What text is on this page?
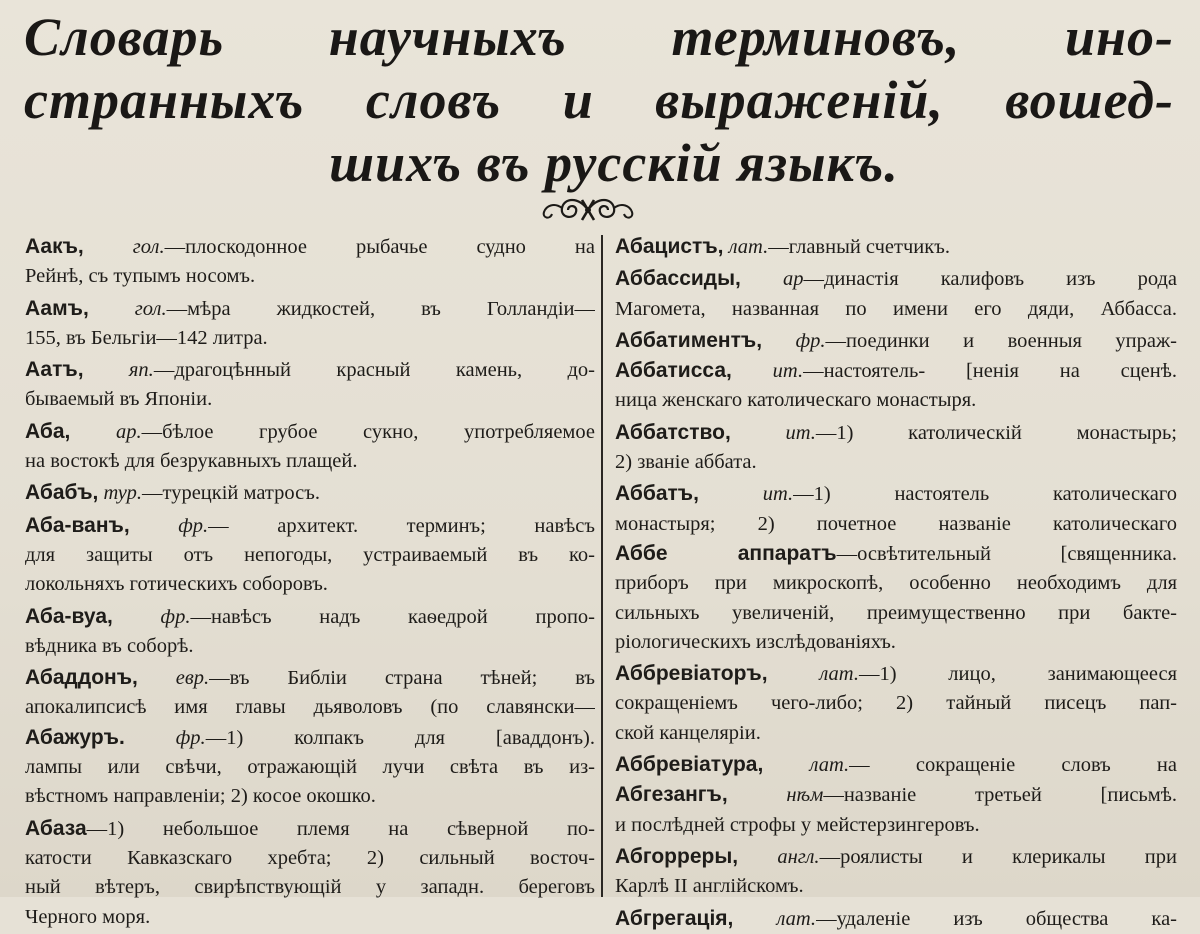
Словарь научныхъ терминовъ, ино-
странныхъ словъ и выраженій, вошед-
шихъ въ русскій языкъ.
Аакъ, гол.—плоскодонное рыбачье судно на
Рейнѣ, съ тупымъ носомъ.
Аамъ, гол.—мѣра жидкостей, въ Голландіи—
155, въ Бельгіи—142 литра.
Аатъ, яп.—драгоцѣнный красный камень, до-
бываемый въ Японіи.
Аба, ар.—бѣлое грубое сукно, употребляемое
на востокѣ для безрукавныхъ плащей.
Абабъ, тур.—турецкій матросъ.
Аба-ванъ, фр.— архитект. терминъ; навѣсъ
для защиты отъ непогоды, устраиваемый въ ко-
локольняхъ готическихъ соборовъ.
Аба-вуа, фр.—навѣсъ надъ каѳедрой пропо-
вѣдника въ соборѣ.
Абаддонъ, евр.—въ Библіи страна тѣней; въ
апокалипсисѣ имя главы дьяволовъ (по славянски—
Абажуръ. фр.—1) колпакъ для [аваддонъ).
лампы или свѣчи, отражающій лучи свѣта въ из-
вѣстномъ направленіи; 2) косое окошко.
Абаза—1) небольшое племя на сѣверной по-
катости Кавказскаго хребта; 2) сильный восточ-
ный вѣтеръ, свирѣпствующій у западн. береговъ
Черного моря.
Абацистъ, лат.—главный счетчикъ.
Аббассиды, ар—династія калифовъ изъ рода
Магомета, названная по имени его дяди, Аббасса.
Аббатиментъ, фр.—поединки и военныя упраж-
Аббатисса, ит.—настоятель- [ненія на сценѣ.
ница женскаго католическаго монастыря.
Аббатство,	ит.—1) католическій монастырь;
2) званіе аббата.
Аббатъ,	ит.—1) настоятель католическаго
монастыря; 2) почетное названіе католическаго
Аббе аппаратъ—освѣтительный [священника.
приборъ при микроскопѣ, особенно необходимъ для
сильныхъ увеличеній, преимущественно при бакте-
ріологическихъ изслѣдованіяхъ.
Аббревіаторъ,	лат.—1) лицо, занимающееся
сокращеніемъ чего-либо; 2) тайный писецъ пап-
ской канцеляріи.
Аббревіатура, лат.— сокращеніе словъ на
Абгезангъ,	нѣм—названіе третьей [письмѣ.
и послѣдней строфы у мейстерзингеровъ.
Абгорреры, англ.—роялисты и клерикалы при
Карлѣ II англійскомъ.
Абгрегація, лат.—удаленіе изъ общества ка-
